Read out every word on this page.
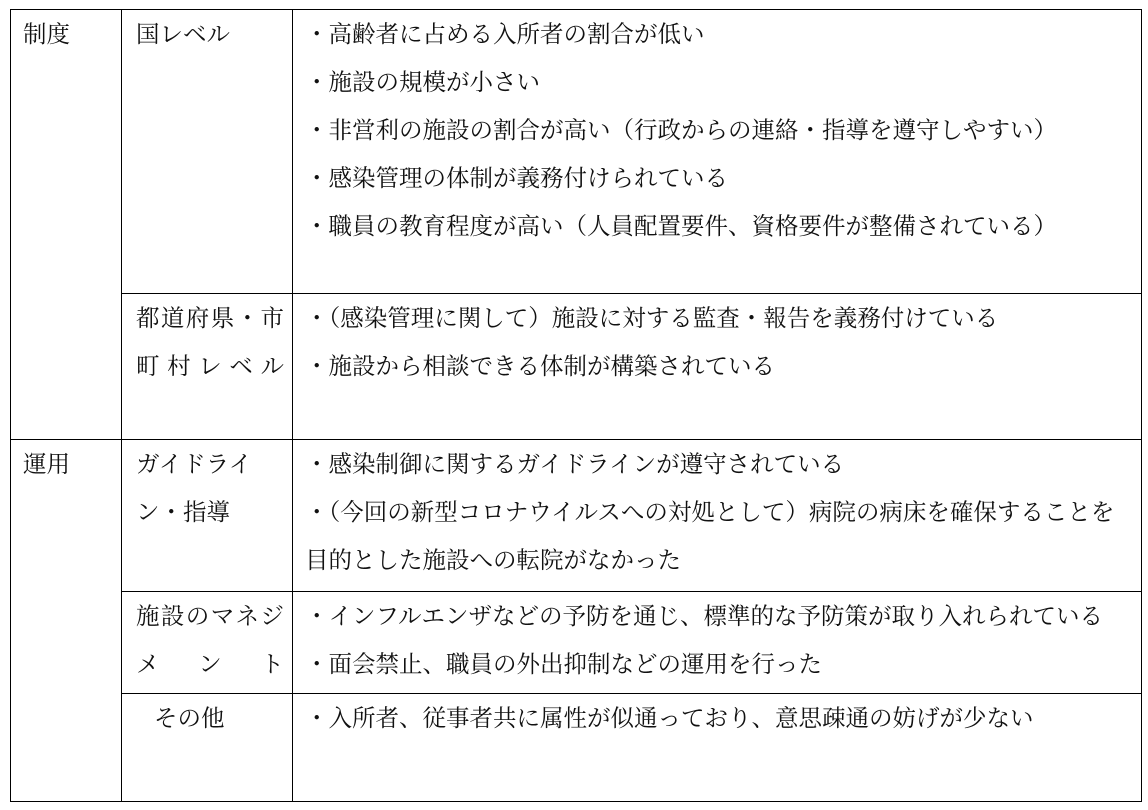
制度	国レベル	・高齢者に占める入所者の割合が低い
・施設の規模が小さい
・非営利の施設の割合が高い（行政からの連絡・指導を遵守しやすい）
・感染管理の体制が義務付けられている
・職員の教育程度が高い（人員配置要件、資格要件が整備されている）

	都道府県・市町村レベル	・（感染管理に関して）施設に対する監査・報告を義務付けている
・施設から相談できる体制が構築されている

運用	ガイドライン・指導	・感染制御に関するガイドラインが遵守されている
・（今回の新型コロナウイルスへの対処として）病院の病床を確保することを目的とした施設への転院がなかった

	施設のマネジメント	・インフルエンザなどの予防を通じ、標準的な予防策が取り入れられている
・面会禁止、職員の外出抑制などの運用を行った

	その他	・入所者、従事者共に属性が似通っており、意思疎通の妨げが少ない
